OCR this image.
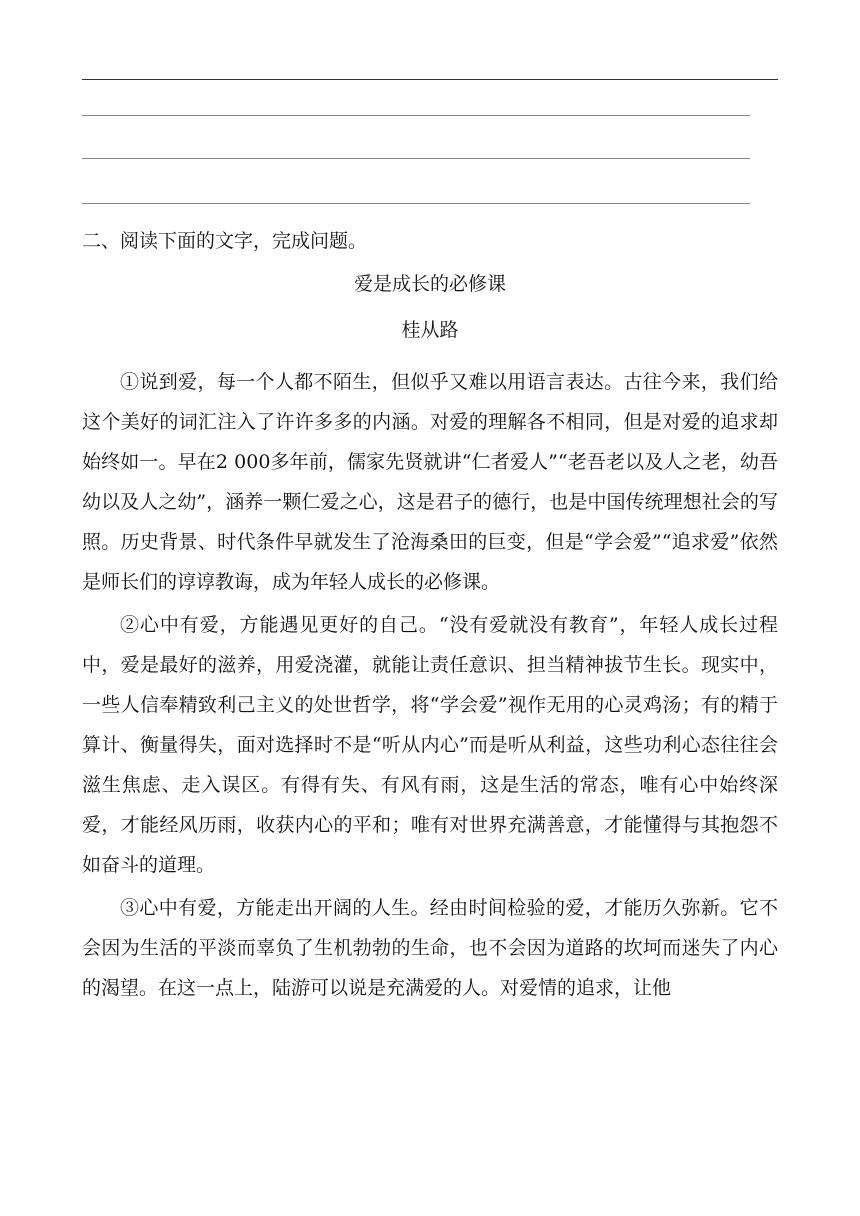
二、阅读下面的文字，完成问题。
爱是成长的必修课
桂从路

①说到爱，每一个人都不陌生，但似乎又难以用语言表达。古往今来，我们给这个美好的词汇注入了许许多多的内涵。对爱的理解各不相同，但是对爱的追求却始终如一。早在2 000多年前，儒家先贤就讲“仁者爱人”“老吾老以及人之老，幼吾幼以及人之幼”，涵养一颗仁爱之心，这是君子的德行，也是中国传统理想社会的写照。历史背景、时代条件早就发生了沧海桑田的巨变，但是“学会爱”“追求爱”依然是师长们的谆谆教诲，成为年轻人成长的必修课。

②心中有爱，方能遇见更好的自己。“没有爱就没有教育”，年轻人成长过程中，爱是最好的滋养，用爱浇灌，就能让责任意识、担当精神拔节生长。现实中，一些人信奉精致利己主义的处世哲学，将“学会爱”视作无用的心灵鸡汤；有的精于算计、衡量得失，面对选择时不是“听从内心”而是听从利益，这些功利心态往往会滋生焦虑、走入误区。有得有失、有风有雨，这是生活的常态，唯有心中始终深爱，才能经风历雨，收获内心的平和；唯有对世界充满善意，才能懂得与其抱怨不如奋斗的道理。

③心中有爱，方能走出开阔的人生。经由时间检验的爱，才能历久弥新。它不会因为生活的平淡而辜负了生机勃勃的生命，也不会因为道路的坎坷而迷失了内心的渴望。在这一点上，陆游可以说是充满爱的人。对爱情的追求，让他
